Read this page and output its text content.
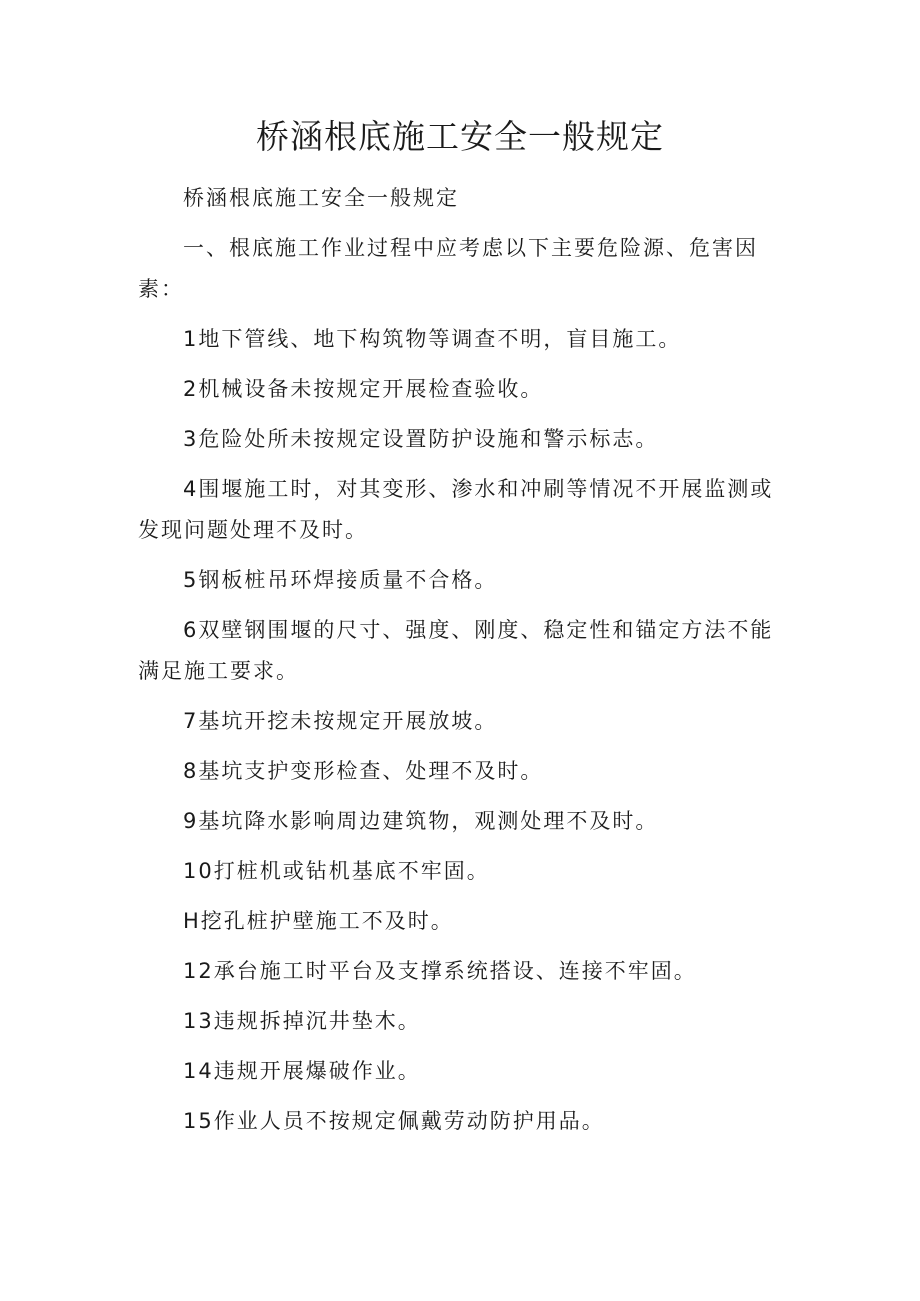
桥涵根底施工安全一般规定

桥涵根底施工安全一般规定

一、根底施工作业过程中应考虑以下主要危险源、危害因素：

1地下管线、地下构筑物等调查不明，盲目施工。

2机械设备未按规定开展检查验收。

3危险处所未按规定设置防护设施和警示标志。

4围堰施工时，对其变形、渗水和冲刷等情况不开展监测或发现问题处理不及时。

5钢板桩吊环焊接质量不合格。

6双壁钢围堰的尺寸、强度、刚度、稳定性和锚定方法不能满足施工要求。

7基坑开挖未按规定开展放坡。

8基坑支护变形检查、处理不及时。

9基坑降水影响周边建筑物，观测处理不及时。

10打桩机或钻机基底不牢固。

H挖孔桩护壁施工不及时。

12承台施工时平台及支撑系统搭设、连接不牢固。

13违规拆掉沉井垫木。

14违规开展爆破作业。

15作业人员不按规定佩戴劳动防护用品。
